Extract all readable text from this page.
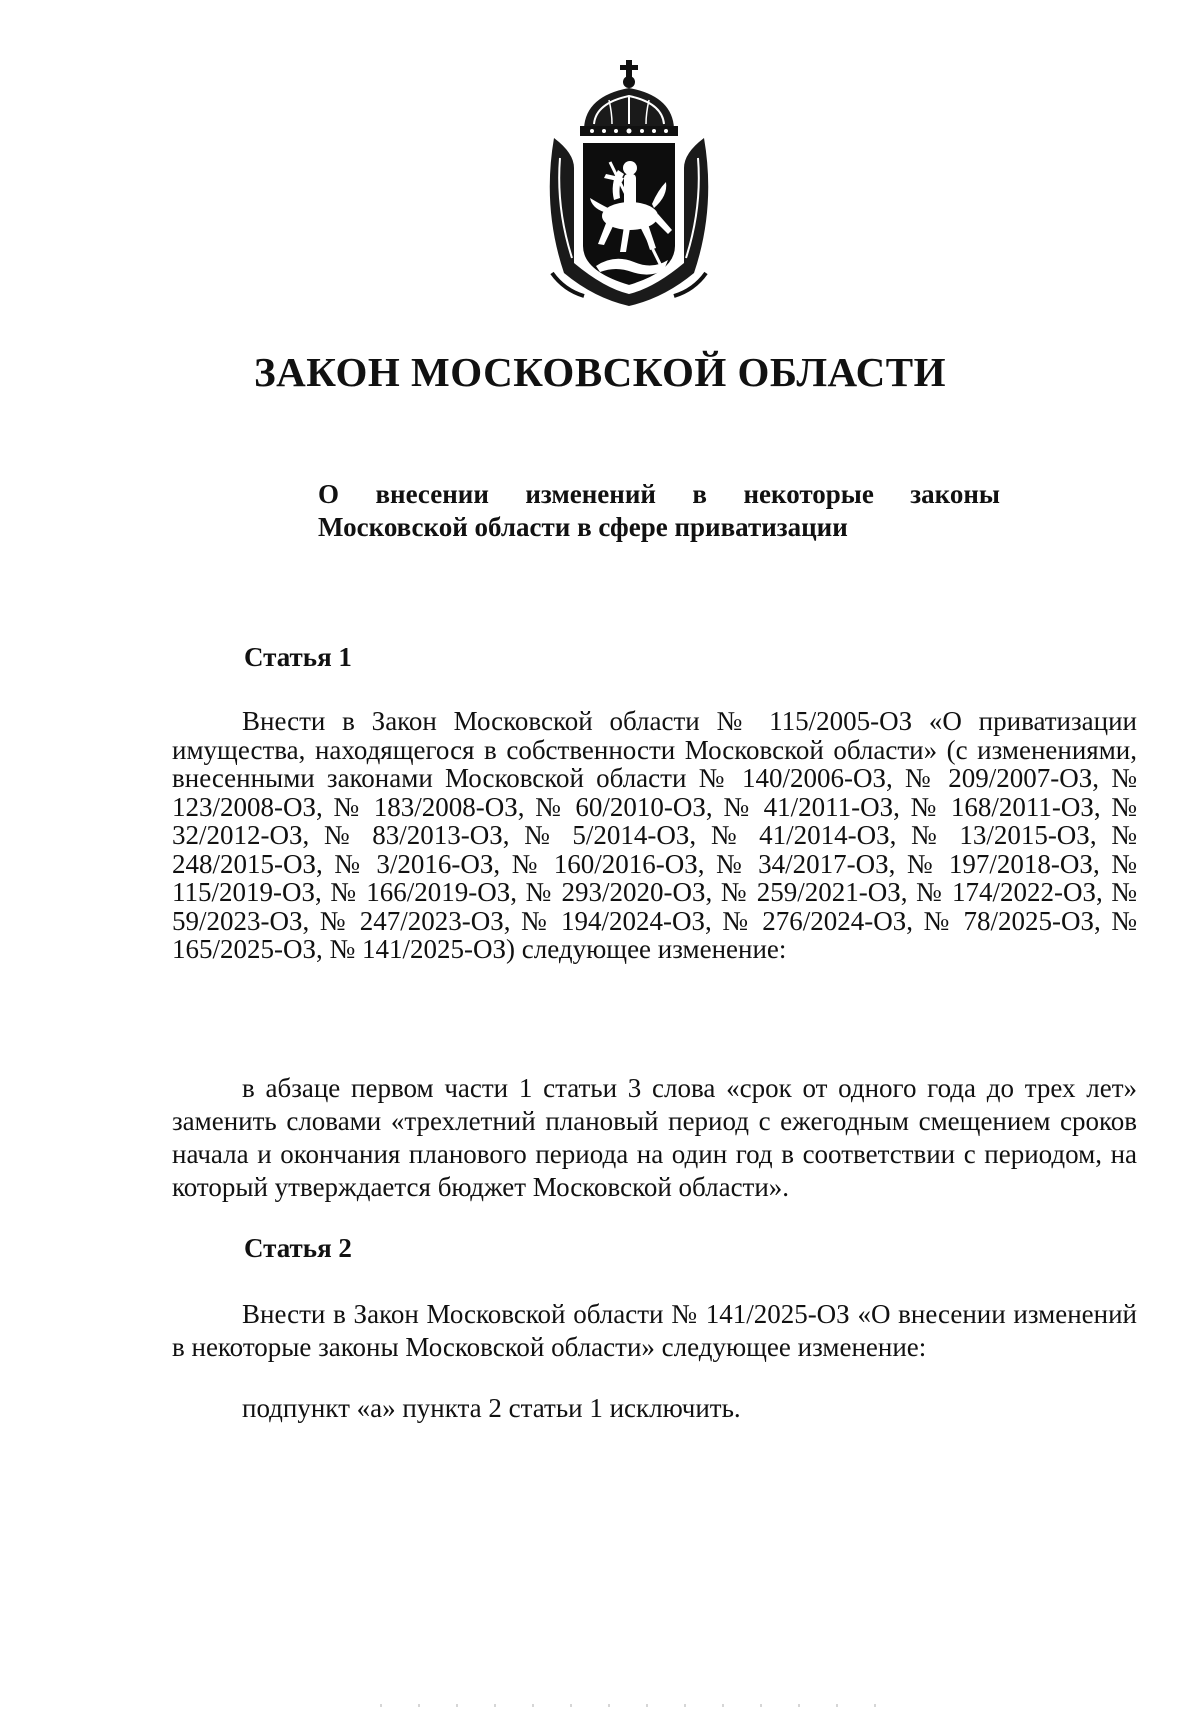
ЗАКОН МОСКОВСКОЙ ОБЛАСТИ
О внесении изменений в некоторые законы Московской области в сфере приватизации
Статья 1
Внести в Закон Московской области № 115/2005-ОЗ «О приватизации имущества, находящегося в собственности Московской области» (с изменениями, внесенными законами Московской области № 140/2006-ОЗ, № 209/2007-ОЗ, № 123/2008-ОЗ, № 183/2008-ОЗ, № 60/2010-ОЗ, № 41/2011-ОЗ, № 168/2011-ОЗ, № 32/2012-ОЗ, № 83/2013-ОЗ, № 5/2014-ОЗ, № 41/2014-ОЗ, № 13/2015-ОЗ, № 248/2015-ОЗ, № 3/2016-ОЗ, № 160/2016-ОЗ, № 34/2017-ОЗ, № 197/2018-ОЗ, № 115/2019-ОЗ, № 166/2019-ОЗ, № 293/2020-ОЗ, № 259/2021-ОЗ, № 174/2022-ОЗ, № 59/2023-ОЗ, № 247/2023-ОЗ, № 194/2024-ОЗ, № 276/2024-ОЗ, № 78/2025-ОЗ, № 165/2025-ОЗ, № 141/2025-ОЗ) следующее изменение:
в абзаце первом части 1 статьи 3 слова «срок от одного года до трех лет» заменить словами «трехлетний плановый период с ежегодным смещением сроков начала и окончания планового периода на один год в соответствии с периодом, на который утверждается бюджет Московской области».
Статья 2
Внести в Закон Московской области № 141/2025-ОЗ «О внесении изменений в некоторые законы Московской области» следующее изменение:
подпункт «а» пункта 2 статьи 1 исключить.
